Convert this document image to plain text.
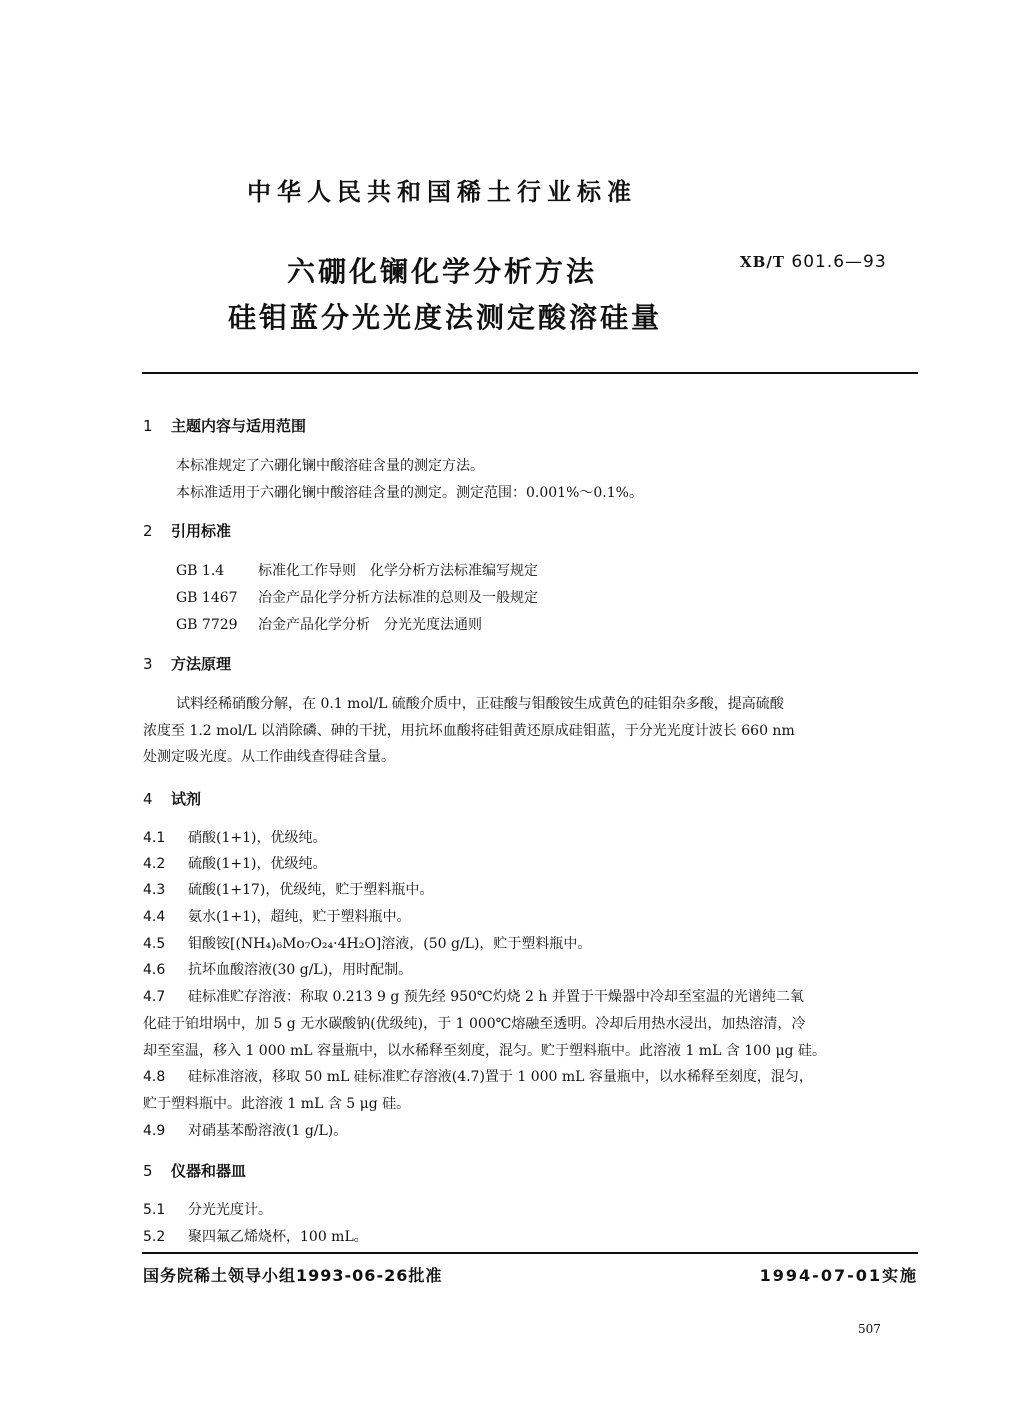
中华人民共和国稀土行业标准
六硼化镧化学分析方法
硅钼蓝分光光度法测定酸溶硅量
XB/T 601.6—93
1 主题内容与适用范围
本标准规定了六硼化镧中酸溶硅含量的测定方法。
本标准适用于六硼化镧中酸溶硅含量的测定。测定范围：0.001%～0.1%。
2 引用标准
GB 1.4 标准化工作导则　化学分析方法标准编写规定
GB 1467 冶金产品化学分析方法标准的总则及一般规定
GB 7729 冶金产品化学分析　分光光度法通则
3 方法原理
试料经稀硝酸分解，在 0.1 mol/L 硫酸介质中，正硅酸与钼酸铵生成黄色的硅钼杂多酸，提高硫酸
浓度至 1.2 mol/L 以消除磷、砷的干扰，用抗坏血酸将硅钼黄还原成硅钼蓝，于分光光度计波长 660 nm
处测定吸光度。从工作曲线查得硅含量。
4 试剂
4.1 硝酸(1+1)，优级纯。
4.2 硫酸(1+1)，优级纯。
4.3 硫酸(1+17)，优级纯，贮于塑料瓶中。
4.4 氨水(1+1)，超纯，贮于塑料瓶中。
4.5 钼酸铵[(NH₄)₆Mo₇O₂₄·4H₂O]溶液，(50 g/L)，贮于塑料瓶中。
4.6 抗坏血酸溶液(30 g/L)，用时配制。
4.7 硅标准贮存溶液：称取 0.213 9 g 预先经 950℃灼烧 2 h 并置于干燥器中冷却至室温的光谱纯二氧
化硅于铂坩埚中，加 5 g 无水碳酸钠(优级纯)，于 1 000℃熔融至透明。冷却后用热水浸出，加热溶清，冷
却至室温，移入 1 000 mL 容量瓶中，以水稀释至刻度，混匀。贮于塑料瓶中。此溶液 1 mL 含 100 μg 硅。
4.8 硅标准溶液，移取 50 mL 硅标准贮存溶液(4.7)置于 1 000 mL 容量瓶中，以水稀释至刻度，混匀，
贮于塑料瓶中。此溶液 1 mL 含 5 μg 硅。
4.9 对硝基苯酚溶液(1 g/L)。
5 仪器和器皿
5.1 分光光度计。
5.2 聚四氟乙烯烧杯，100 mL。
国务院稀土领导小组1993-06-26批准	1994-07-01实施
507
